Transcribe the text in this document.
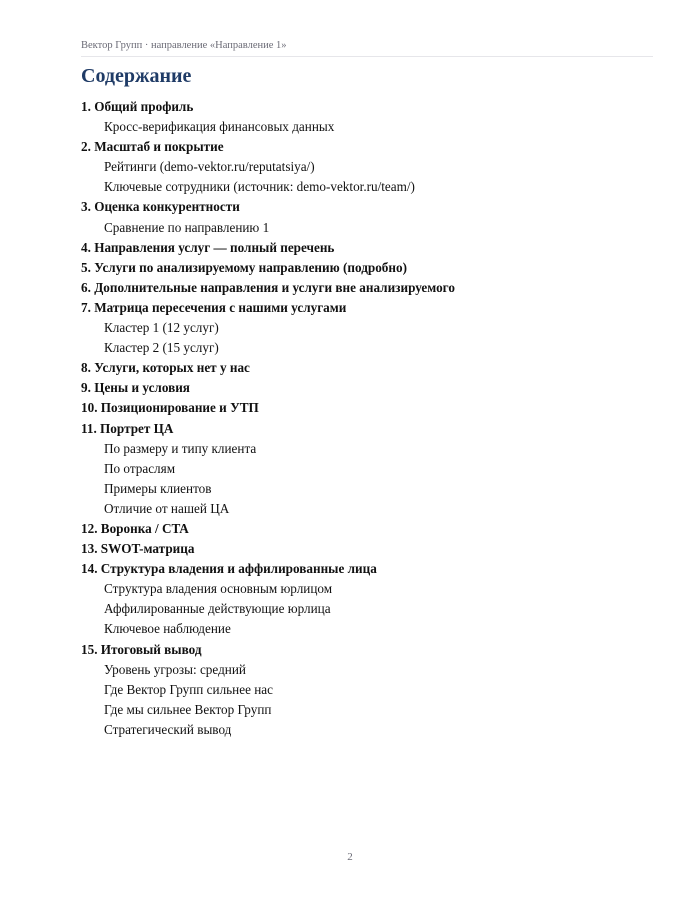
Вектор Групп · направление «Направление 1»
Содержание
1. Общий профиль
Кросс-верификация финансовых данных
2. Масштаб и покрытие
Рейтинги (demo-vektor.ru/reputatsiya/)
Ключевые сотрудники (источник: demo-vektor.ru/team/)
3. Оценка конкурентности
Сравнение по направлению 1
4. Направления услуг — полный перечень
5. Услуги по анализируемому направлению (подробно)
6. Дополнительные направления и услуги вне анализируемого
7. Матрица пересечения с нашими услугами
Кластер 1 (12 услуг)
Кластер 2 (15 услуг)
8. Услуги, которых нет у нас
9. Цены и условия
10. Позиционирование и УТП
11. Портрет ЦА
По размеру и типу клиента
По отраслям
Примеры клиентов
Отличие от нашей ЦА
12. Воронка / CTA
13. SWOT-матрица
14. Структура владения и аффилированные лица
Структура владения основным юрлицом
Аффилированные действующие юрлица
Ключевое наблюдение
15. Итоговый вывод
Уровень угрозы: средний
Где Вектор Групп сильнее нас
Где мы сильнее Вектор Групп
Стратегический вывод
2
